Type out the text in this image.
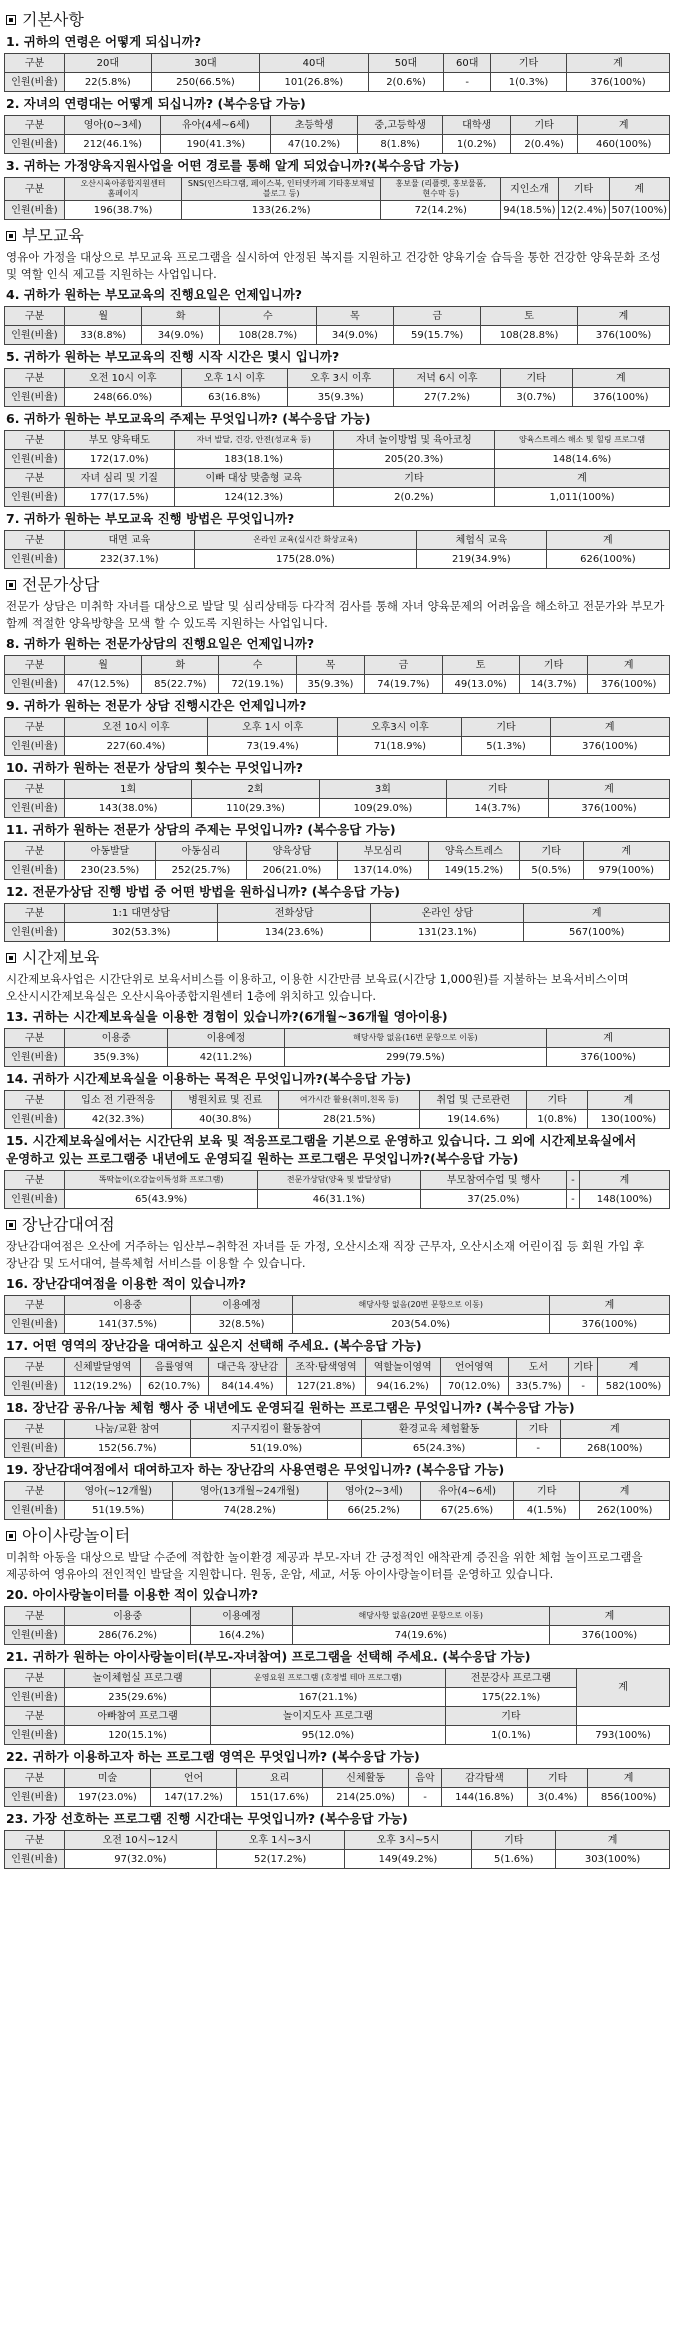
기본사항
1. 귀하의 연령은 어떻게 되십니까?
구분	20대	30대	40대	50대	60대	기타	계
인원(비율)	22(5.8%)	250(66.5%)	101(26.8%)	2(0.6%)	-	1(0.3%)	376(100%)
2. 자녀의 연령대는 어떻게 되십니까? (복수응답 가능)
구분	영아(0~3세)	유아(4세~6세)	초등학생	중,고등학생	대학생	기타	계
인원(비율)	212(46.1%)	190(41.3%)	47(10.2%)	8(1.8%)	1(0.2%)	2(0.4%)	460(100%)
3. 귀하는 가정양육지원사업을 어떤 경로를 통해 알게 되었습니까?(복수응답 가능)
구분	오산시육아종합지원센터 홈페이지	SNS(인스타그램, 페이스북, 인터넷카페 기타홍보채널 블로그 등)	홍보물 (리플렛, 홍보물품, 현수막 등)	지인소개	기타	계
인원(비율)	196(38.7%)	133(26.2%)	72(14.2%)	94(18.5%)	12(2.4%)	507(100%)
부모교육
영유아 가정을 대상으로 부모교육 프로그램을 실시하여 안정된 복지를 지원하고 건강한 양육기술 습득을 통한 건강한 양육문화 조성 및 역할 인식 제고를 지원하는 사업입니다.
4. 귀하가 원하는 부모교육의 진행요일은 언제입니까?
구분	월	화	수	목	금	토	계
인원(비율)	33(8.8%)	34(9.0%)	108(28.7%)	34(9.0%)	59(15.7%)	108(28.8%)	376(100%)
5. 귀하가 원하는 부모교육의 진행 시작 시간은 몇시 입니까?
구분	오전 10시 이후	오후 1시 이후	오후 3시 이후	저녁 6시 이후	기타	계
인원(비율)	248(66.0%)	63(16.8%)	35(9.3%)	27(7.2%)	3(0.7%)	376(100%)
6. 귀하가 원하는 부모교육의 주제는 무엇입니까? (복수응답 가능)
구분	부모 양육태도	자녀 발달, 건강, 안전(성교육 등)	자녀 놀이방법 및 육아코칭	양육스트레스 해소 및 힐링 프로그램
인원(비율)	172(17.0%)	183(18.1%)	205(20.3%)	148(14.6%)
구분	자녀 심리 및 기질	이빠 대상 맞춤형 교육	기타	계
인원(비율)	177(17.5%)	124(12.3%)	2(0.2%)	1,011(100%)
7. 귀하가 원하는 부모교육 진행 방법은 무엇입니까?
구분	대면 교육	온라인 교육(실시간 화상교육)	체험식 교육	계
인원(비율)	232(37.1%)	175(28.0%)	219(34.9%)	626(100%)
전문가상담
전문가 상담은 미취학 자녀를 대상으로 발달 및 심리상태등 다각적 검사를 통해 자녀 양육문제의 어려움을 해소하고 전문가와 부모가 함께 적절한 양육방향을 모색 할 수 있도록 지원하는 사업입니다.
8. 귀하가 원하는 전문가상담의 진행요일은 언제입니까?
구분	월	화	수	목	금	토	기타	계
인원(비율)	47(12.5%)	85(22.7%)	72(19.1%)	35(9.3%)	74(19.7%)	49(13.0%)	14(3.7%)	376(100%)
9. 귀하가 원하는 전문가 상담 진행시간은 언제입니까?
구분	오전 10시 이후	오후 1시 이후	오후3시 이후	기타	계
인원(비율)	227(60.4%)	73(19.4%)	71(18.9%)	5(1.3%)	376(100%)
10. 귀하가 원하는 전문가 상담의 횟수는 무엇입니까?
구분	1회	2회	3회	기타	계
인원(비율)	143(38.0%)	110(29.3%)	109(29.0%)	14(3.7%)	376(100%)
11. 귀하가 원하는 전문가 상담의 주제는 무엇입니까? (복수응답 가능)
구분	아동발달	아동심리	양육상담	부모심리	양육스트레스	기타	계
인원(비율)	230(23.5%)	252(25.7%)	206(21.0%)	137(14.0%)	149(15.2%)	5(0.5%)	979(100%)
12. 전문가상담 진행 방법 중 어떤 방법을 원하십니까? (복수응답 가능)
구분	1:1 대면상담	전화상담	온라인 상담	계
인원(비율)	302(53.3%)	134(23.6%)	131(23.1%)	567(100%)
시간제보육
시간제보육사업은 시간단위로 보육서비스를 이용하고, 이용한 시간만큼 보육료(시간당 1,000원)를 지불하는 보육서비스이며 오산시시간제보육실은 오산시육아종합지원센터 1층에 위치하고 있습니다.
13. 귀하는 시간제보육실을 이용한 경험이 있습니까?(6개월~36개월 영아이용)
구분	이용중	이용예정	해당사항 없음(16번 문항으로 이동)	계
인원(비율)	35(9.3%)	42(11.2%)	299(79.5%)	376(100%)
14. 귀하가 시간제보육실을 이용하는 목적은 무엇입니까?(복수응답 가능)
구분	입소 전 기관적응	병원치료 및 진료	여가시간 활용(취미,친목 등)	취업 및 근로관련	기타	계
인원(비율)	42(32.3%)	40(30.8%)	28(21.5%)	19(14.6%)	1(0.8%)	130(100%)
15. 시간제보육실에서는 시간단위 보육 및 적응프로그램을 기본으로 운영하고 있습니다. 그 외에 시간제보육실에서 운영하고 있는 프로그램중 내년에도 운영되길 원하는 프로그램은 무엇입니까?(복수응답 가능)
구분	똑딱놀이(오감놀이특성화 프로그램)	전문가상담(양육 및 발달상담)	부모참여수업 및 행사	-	계
인원(비율)	65(43.9%)	46(31.1%)	37(25.0%)	-	148(100%)
장난감대여점
장난감대여점은 오산에 거주하는 임산부~취학전 자녀를 둔 가정, 오산시소재 직장 근무자, 오산시소재 어린이집 등 회원 가입 후 장난감 및 도서대여, 블록체험 서비스를 이용할 수 있습니다.
16. 장난감대여점을 이용한 적이 있습니까?
구분	이용중	이용예정	해당사항 없음(20번 문항으로 이동)	계
인원(비율)	141(37.5%)	32(8.5%)	203(54.0%)	376(100%)
17. 어떤 영역의 장난감을 대여하고 싶은지 선택해 주세요. (복수응답 가능)
구분	신체발달영역	음률영역	대근육 장난감	조작·탐색영역	역할놀이영역	언어영역	도서	기타	계
인원(비율)	112(19.2%)	62(10.7%)	84(14.4%)	127(21.8%)	94(16.2%)	70(12.0%)	33(5.7%)	-	582(100%)
18. 장난감 공유/나눔 체험 행사 중 내년에도 운영되길 원하는 프로그램은 무엇입니까? (복수응답 가능)
구분	나눔/교환 참여	지구지킴이 활동참여	환경교육 체험활동	기타	계
인원(비율)	152(56.7%)	51(19.0%)	65(24.3%)	-	268(100%)
19. 장난감대여점에서 대여하고자 하는 장난감의 사용연령은 무엇입니까? (복수응답 가능)
구분	영아(~12개월)	영아(13개월~24개월)	영아(2~3세)	유아(4~6세)	기타	계
인원(비율)	51(19.5%)	74(28.2%)	66(25.2%)	67(25.6%)	4(1.5%)	262(100%)
아이사랑놀이터
미취학 아동을 대상으로 발달 수준에 적합한 놀이환경 제공과 부모-자녀 간 긍정적인 애착관계 증진을 위한 체험 놀이프로그램을 제공하여 영유아의 전인적인 발달을 지원합니다. 원동, 운암, 세교, 서동 아이사랑놀이터를 운영하고 있습니다.
20. 아이사랑놀이터를 이용한 적이 있습니까?
구분	이용중	이용예정	해당사항 없음(20번 문항으로 이동)	계
인원(비율)	286(76.2%)	16(4.2%)	74(19.6%)	376(100%)
21. 귀하가 원하는 아이사랑놀이터(부모-자녀참여) 프로그램을 선택해 주세요. (복수응답 가능)
구분	놀이체험실 프로그램	운영요원 프로그램 (호정별 테마 프로그램)	전문강사 프로그램	계
인원(비율)	235(29.6%)	167(21.1%)	175(22.1%)	
구분	아빠참여 프로그램	놀이지도사 프로그램	기타	
인원(비율)	120(15.1%)	95(12.0%)	1(0.1%)	793(100%)
22. 귀하가 이용하고자 하는 프로그램 영역은 무엇입니까? (복수응답 가능)
구분	미술	언어	요리	신체활동	음악	감각탐색	기타	계
인원(비율)	197(23.0%)	147(17.2%)	151(17.6%)	214(25.0%)	-	144(16.8%)	3(0.4%)	856(100%)
23. 가장 선호하는 프로그램 진행 시간대는 무엇입니까? (복수응답 가능)
구분	오전 10시~12시	오후 1시~3시	오후 3시~5시	기타	계
인원(비율)	97(32.0%)	52(17.2%)	149(49.2%)	5(1.6%)	303(100%)
